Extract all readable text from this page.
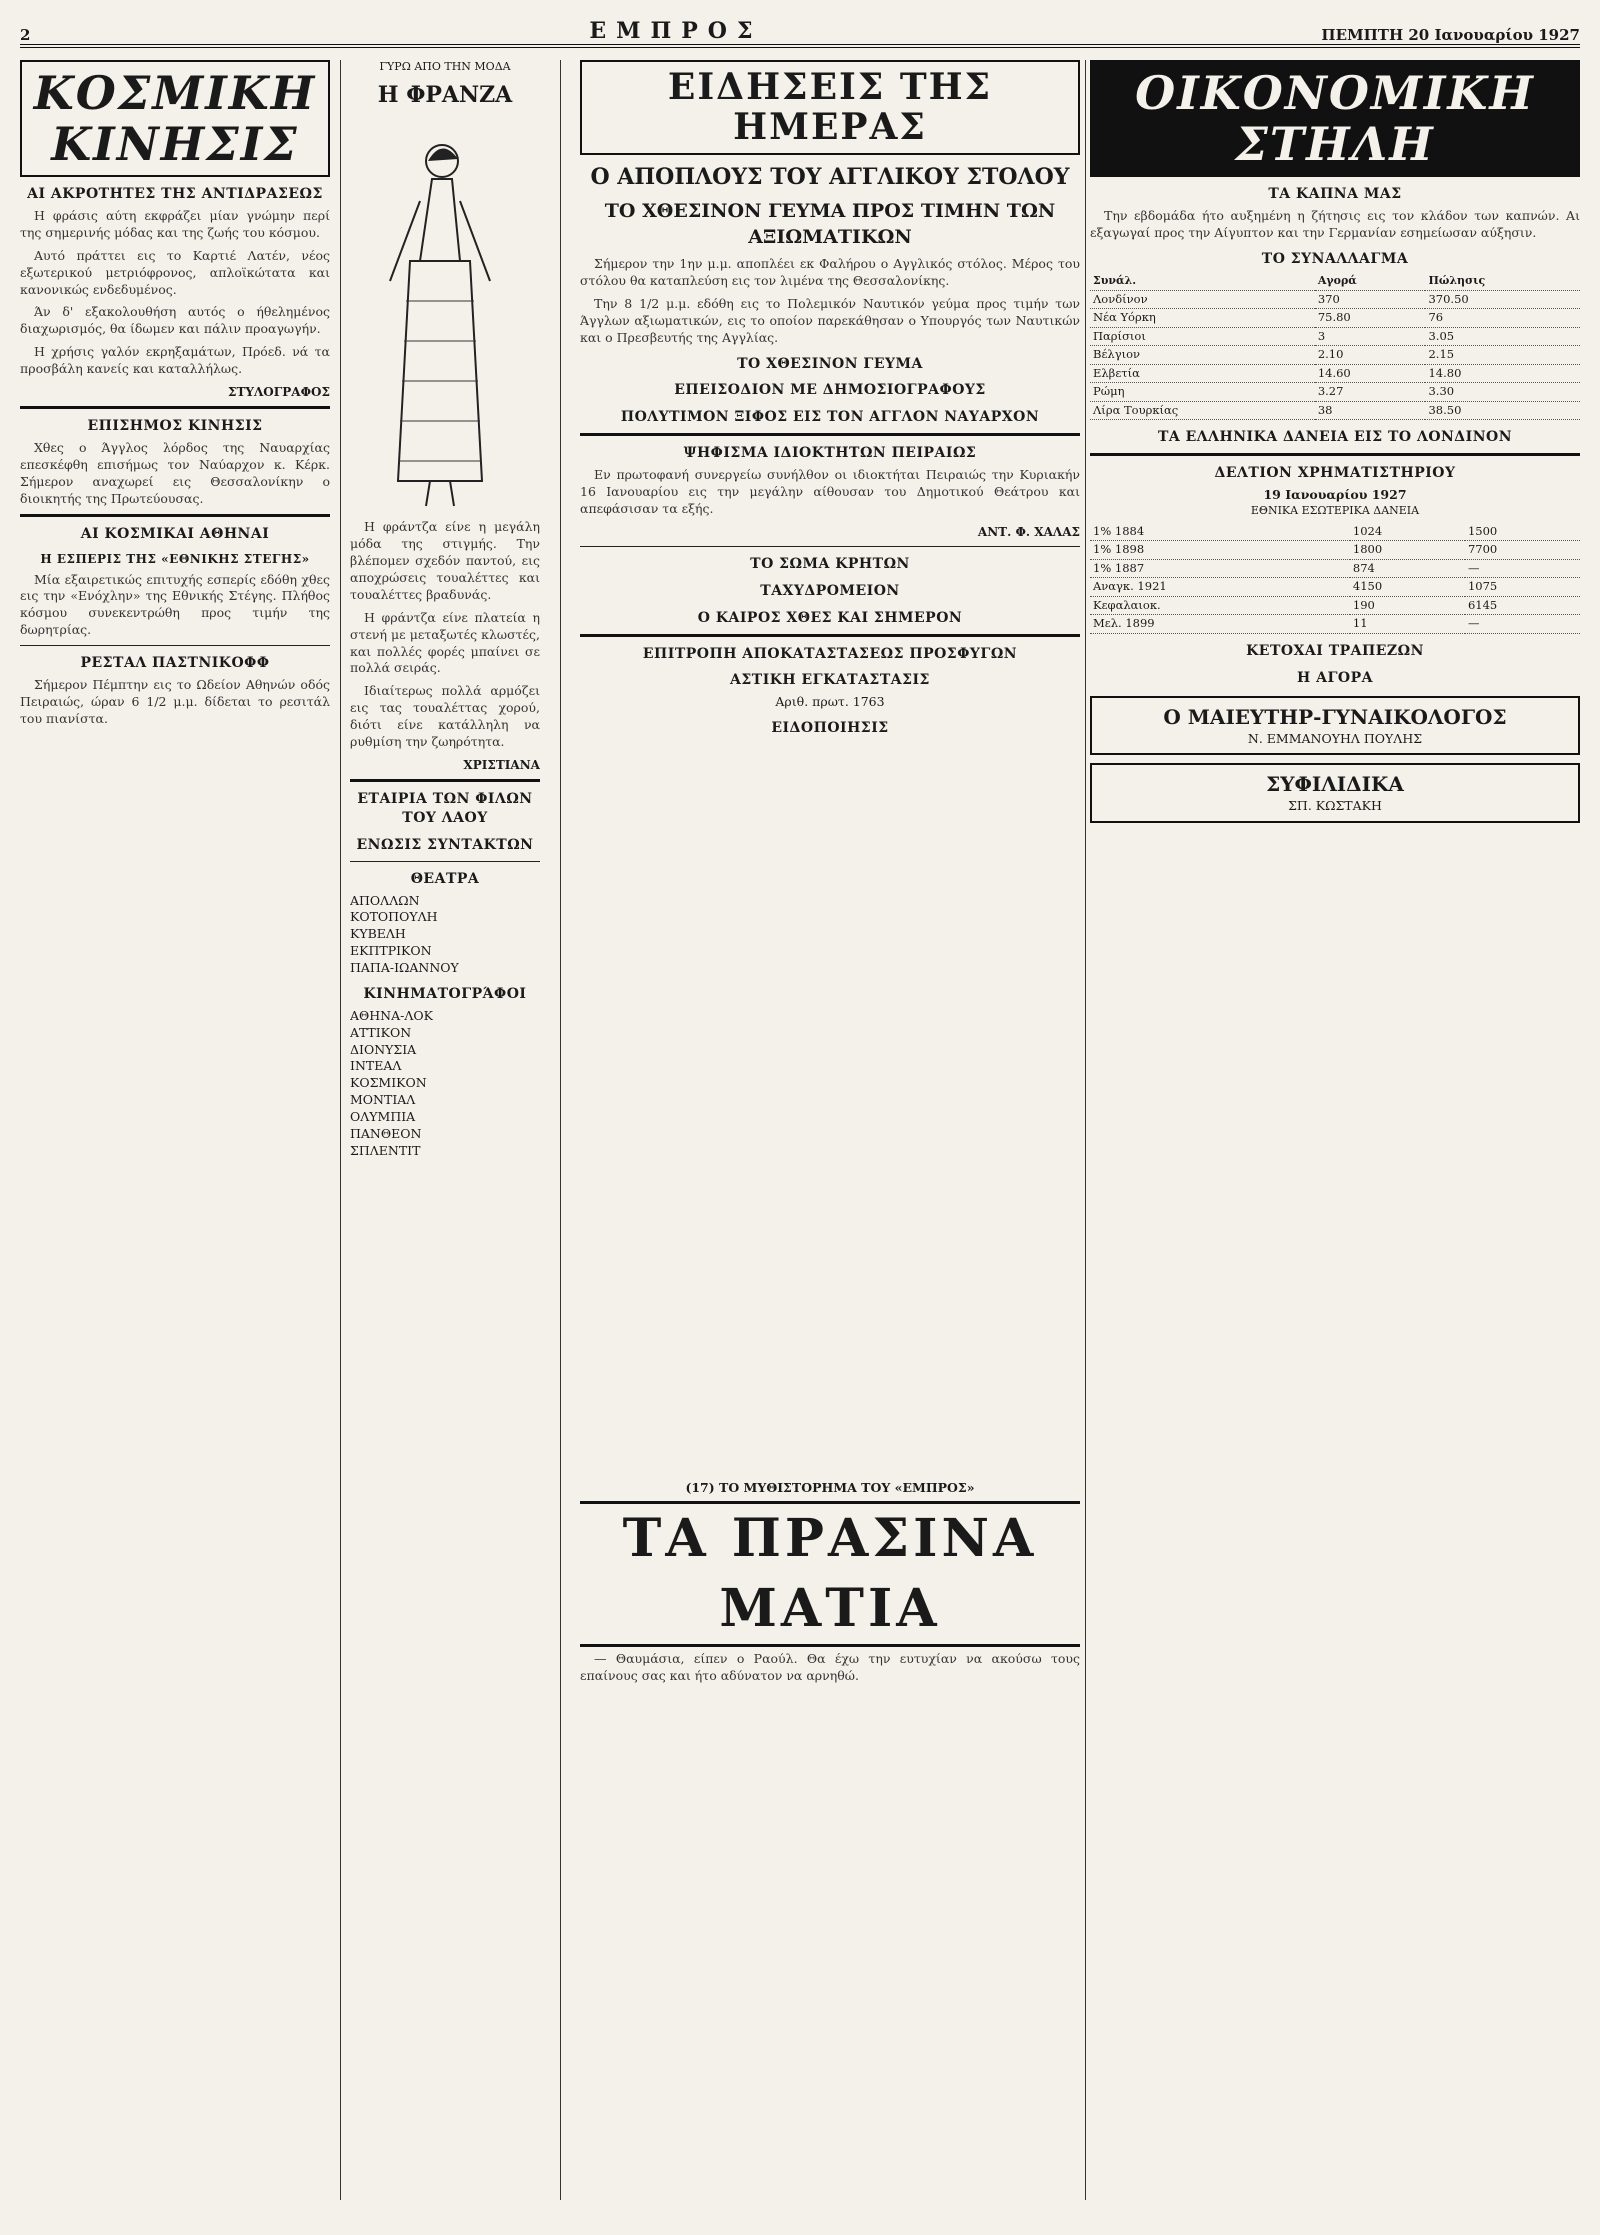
2	ΕΜΠΡΟΣ	ΠΕΜΠΤΗ 20 Ιανουαρίου 1927
ΚΟΣΜΙΚΗ ΚΙΝΗΣΙΣ
ΑΙ ΑΚΡΟΤΗΤΕΣ ΤΗΣ ΑΝΤΙΔΡΑΣΕΩΣ

Η φράσις αύτη εκφράζει μίαν γνώμην περί της σημερινής μόδας και της ζωής του κόσμου.

Αυτό πράττει εις το Καρτιέ Λατέν, νέος εξωτερικού μετριόφρονος, απλοϊκώτατα και κανονικώς ενδεδυμένος.

Άν δ' εξακολουθήση αυτός ο ήθελημένος διαχωρισμός, θα ίδωμεν και πάλιν προαγωγήν.

Η χρήσις γαλόν εκρηξαμάτων, Πρόεδ. νά τα προσβάλη κανείς και καταλλήλως.

ΣΤΥΛΟΓΡΑΦΟΣ
ΕΠΙΣΗΜΟΣ ΚΙΝΗΣΙΣ

Χθες ο Άγγλος λόρδος της Ναυαρχίας επεσκέφθη επισήμως τον Ναύαρχον κ. Κέρκ. Σήμερον αναχωρεί εις Θεσσαλονίκην ο διοικητής της Πρωτεύουσας.

ΑΙ ΚΟΣΜΙΚΑΙ ΑΘΗΝΑΙ
Η ΕΣΠΕΡΙΣ ΤΗΣ «ΕΘΝΙΚΗΣ ΣΤΕΓΗΣ»

Μία εξαιρετικώς επιτυχής εσπερίς εδόθη χθες εις την «Ενόχλην» της Εθνικής Στέγης. Πλήθος κόσμου συνεκεντρώθη προς τιμήν της δωρητρίας.

ΡΕΣΤΑΛ ΠΑΣΤΝΙΚΟΦΦ

Σήμερον Πέμπτην εις το Ωδείον Αθηνών οδός Πειραιώς, ώραν 6 1/2 μ.μ. δίδεται το ρεσιτάλ του πιανίστα.

ΓΥΡΩ ΑΠΟ ΤΗΝ ΜΟΔΑ
Η ΦΡΑΝΖΑ

Η φράντζα είνε η μεγάλη μόδα της στιγμής. Την βλέπομεν σχεδόν παντού, εις αποχρώσεις τουαλέττες και τουαλέττες βραδυνάς.

Η φράντζα είνε πλατεία η στενή με μεταξωτές κλωστές, και πολλές φορές μπαίνει σε πολλά σειράς.

Ιδιαίτερως πολλά αρμόζει εις τας τουαλέττας χορού, διότι είνε κατάλληλη να ρυθμίση την ζωηρότητα.

ΧΡΙΣΤΙΑΝΑ
ΕΤΑΙΡΙΑ ΤΩΝ ΦΙΛΩΝ ΤΟΥ ΛΑΟΥ
ΕΝΩΣΙΣ ΣΥΝΤΑΚΤΩΝ
ΘΕΑΤΡΑ
ΑΠΟΛΛΩΝ
ΚΟΤΟΠΟΥΛΗ
ΚΥΒΕΛΗ
ΕΚΠΤΡΙΚΟΝ
ΠΑΠΑ-ΙΩΑΝΝΟΥ
ΚΙΝΗΜΑΤΟΓΡΆΦΟΙ
ΑΘΗΝΑ-ΛΟΚ
ΑΤΤΙΚΟΝ
ΔΙΟΝΥΣΙΑ
ΙΝΤΕΑΛ
ΚΟΣΜΙΚΟΝ
ΜΟΝΤΙΑΛ
ΟΛΥΜΠΙΑ
ΠΑΝΘΕΟΝ
ΣΠΛΕΝΤΙΤ
ΕΙΔΗΣΕΙΣ ΤΗΣ ΗΜΕΡΑΣ
Ο ΑΠΟΠΛΟΥΣ ΤΟΥ ΑΓΓΛΙΚΟΥ ΣΤΟΛΟΥ
ΤΟ ΧΘΕΣΙΝΟΝ ΓΕΥΜΑ ΠΡΟΣ ΤΙΜΗΝ ΤΩΝ ΑΞΙΩΜΑΤΙΚΩΝ

Σήμερον την 1ην μ.μ. αποπλέει εκ Φαλήρου ο Αγγλικός στόλος. Μέρος του στόλου θα καταπλεύση εις τον λιμένα της Θεσσαλονίκης.

Την 8 1/2 μ.μ. εδόθη εις το Πολεμικόν Ναυτικόν γεύμα προς τιμήν των Άγγλων αξιωματικών, εις το οποίον παρεκάθησαν ο Υπουργός των Ναυτικών και ο Πρεσβευτής της Αγγλίας.

ΤΟ ΧΘΕΣΙΝΟΝ ΓΕΥΜΑ
ΕΠΕΙΣΟΔΙΟΝ ΜΕ ΔΗΜΟΣΙΟΓΡΑΦΟΥΣ
ΠΟΛΥΤΙΜΟΝ ΞΙΦΟΣ ΕΙΣ ΤΟΝ ΑΓΓΛΟΝ ΝΑΥΑΡΧΟΝ
ΨΗΦΙΣΜΑ ΙΔΙΟΚΤΗΤΩΝ ΠΕΙΡΑΙΩΣ

Εν πρωτοφανή συνεργείω συνήλθον οι ιδιοκτήται Πειραιώς την Κυριακήν 16 Ιανουαρίου εις την μεγάλην αίθουσαν του Δημοτικού Θεάτρου και απεφάσισαν τα εξής.

ΑΝΤ. Φ. ΧΑΛΑΣ
ΤΟ ΣΩΜΑ ΚΡΗΤΩΝ
ΤΑΧΥΔΡΟΜΕΙΟΝ
Ο ΚΑΙΡΟΣ ΧΘΕΣ ΚΑΙ ΣΗΜΕΡΟΝ
ΕΠΙΤΡΟΠΗ ΑΠΟΚΑΤΑΣΤΑΣΕΩΣ ΠΡΟΣΦΥΓΩΝ
ΑΣΤΙΚΗ ΕΓΚΑΤΑΣΤΑΣΙΣ
Αριθ. πρωτ. 1763
ΕΙΔΟΠΟΙΗΣΙΣ
(17) ΤΟ ΜΥΘΙΣΤΟΡΗΜΑ ΤΟΥ «ΕΜΠΡΟΣ»
ΤΑ ΠΡΑΣΙΝΑ ΜΑΤΙΑ

— Θαυμάσια, είπεν ο Ραούλ. Θα έχω την ευτυχίαν να ακούσω τους επαίνους σας και ήτο αδύνατον να αρνηθώ.

ΟΙΚΟΝΟΜΙΚΗ ΣΤΗΛΗ
ΤΑ ΚΑΠΝΑ ΜΑΣ

Την εβδομάδα ήτο αυξημένη η ζήτησις εις τον κλάδον των καπνών. Αι εξαγωγαί προς την Αίγυπτον και την Γερμανίαν εσημείωσαν αύξησιν.

ΤΟ ΣΥΝΑΛΛΑΓΜΑ
Συνάλ.	Αγορά	Πώλησις
Λονδίνον	370	370.50
Νέα Υόρκη	75.80	76
Παρίσιοι	3	3.05
Βέλγιον	2.10	2.15
Ελβετία	14.60	14.80
Ρώμη	3.27	3.30
Λίρα Τουρκίας	38	38.50
ΤΑ ΕΛΛΗΝΙΚΑ ΔΑΝΕΙΑ ΕΙΣ ΤΟ ΛΟΝΔΙΝΟΝ
ΔΕΛΤΙΟΝ ΧΡΗΜΑΤΙΣΤΗΡΙΟΥ
19 Ιανουαρίου 1927
ΕΘΝΙΚΑ ΕΣΩΤΕΡΙΚΑ ΔΑΝΕΙΑ
1% 1884	1024	1500
1% 1898	1800	7700
1% 1887	874	—
Αναγκ. 1921	4150	1075
Κεφαλαιοκ.	190	6145
Μελ. 1899	11	—
ΚΕΤΟΧΑΙ ΤΡΑΠΕΖΩΝ
Η ΑΓΟΡΑ
Ο ΜΑΙΕΥΤΗΡ-ΓΥΝΑΙΚΟΛΟΓΟΣ
Ν. ΕΜΜΑΝΟΥΗΛ ΠΟΥΛΗΣ
ΣΥΦΙΛΙΔΙΚΑ
ΣΠ. ΚΩΣΤΑΚΗ
